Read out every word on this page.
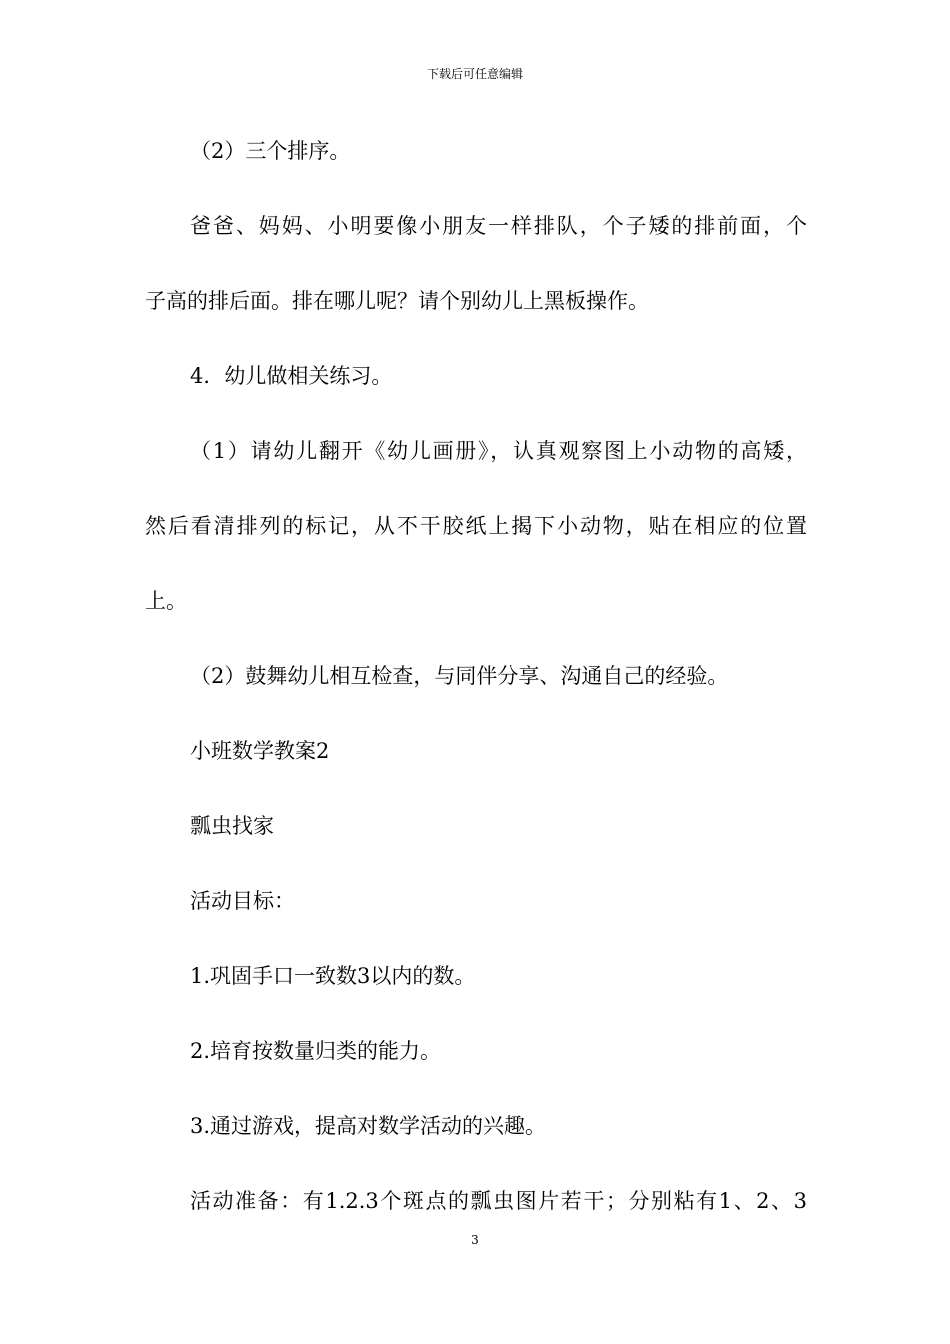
下载后可任意编辑
（2）三个排序。
爸爸、妈妈、小明要像小朋友一样排队，个子矮的排前面，个
子高的排后面。排在哪儿呢？请个别幼儿上黑板操作。
4．幼儿做相关练习。
（1）请幼儿翻开《幼儿画册》，认真观察图上小动物的高矮，
然后看清排列的标记，从不干胶纸上揭下小动物，贴在相应的位置
上。
（2）鼓舞幼儿相互检查，与同伴分享、沟通自己的经验。
小班数学教案2
瓢虫找家
活动目标：
1.巩固手口一致数3以内的数。
2.培育按数量归类的能力。
3.通过游戏，提高对数学活动的兴趣。
活动准备：有1.2.3个斑点的瓢虫图片若干；分别粘有1、2、3
3
